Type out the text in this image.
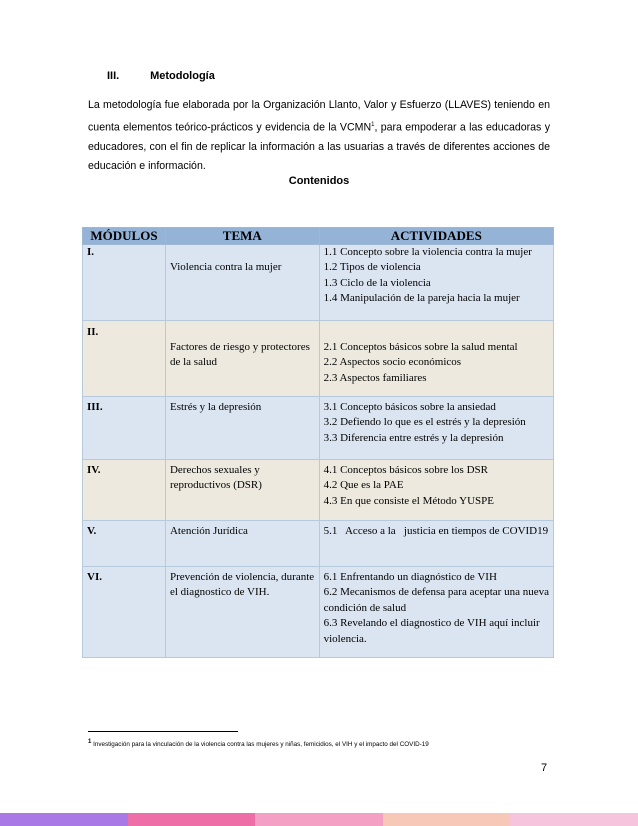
III.	Metodología

La metodología fue elaborada por la Organización Llanto, Valor y Esfuerzo (LLAVES) teniendo en cuenta elementos teórico-prácticos y evidencia de la VCMN$^1$, para empoderar a las educadoras y educadores, con el fin de replicar la información a las usuarias a través de diferentes acciones de educación e información.

Contenidos
MÓDULOS	TEMA	ACTIVIDADES
I.	Violencia contra la mujer	1.1 Concepto sobre la violencia contra la mujer
1.2 Tipos de violencia
1.3 Ciclo de la violencia
1.4 Manipulación de la pareja hacia la mujer

II.	Factores de riesgo y protectores de la salud	2.1 Conceptos básicos sobre la salud mental
2.2 Aspectos socio económicos
2.3 Aspectos familiares

III.	Estrés y la depresión	3.1 Concepto básicos sobre la ansiedad
3.2 Defiendo lo que es el estrés y la depresión
3.3 Diferencia entre estrés y la depresión

IV.	Derechos sexuales y reproductivos (DSR)	4.1 Conceptos básicos sobre los DSR
4.2 Que es la PAE
4.3 En que consiste el Método YUSPE

V.	Atención Jurídica	5.1   Acceso a la   justicia en tiempos de COVID19

VI.	Prevención de violencia, durante el diagnostico de VIH.	6.1 Enfrentando un diagnóstico de VIH
6.2 Mecanismos de defensa para aceptar una nueva condición de salud
6.3 Revelando el diagnostico de VIH aquí incluir violencia.
$^1$ Investigación para la vinculación de la violencia contra las mujeres y niñas, femicidios, el VIH y el impacto del COVID-19
7
